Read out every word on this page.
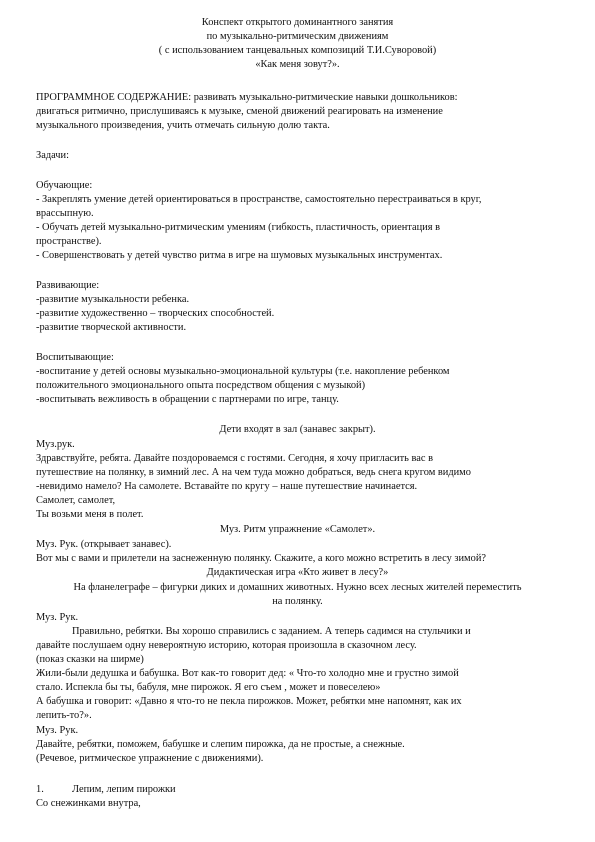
Конспект открытого доминантного занятия
по музыкально-ритмическим движениям
( с использованием танцевальных композиций Т.И.Суворовой)
«Как меня зовут?».
ПРОГРАММНОЕ СОДЕРЖАНИЕ: развивать музыкально-ритмические навыки дошкольников:
двигаться ритмично, прислушиваясь к музыке, сменой движений реагировать на изменение
музыкального произведения, учить отмечать сильную долю такта.
Задачи:
Обучающие:
- Закреплять умение детей ориентироваться в пространстве, самостоятельно перестраиваться в круг,
врассыпную.
- Обучать детей музыкально-ритмическим умениям (гибкость, пластичность, ориентация в
пространстве).
- Совершенствовать у детей чувство ритма в игре на шумовых музыкальных инструментах.
Развивающие:
-развитие музыкальности ребенка.
-развитие художественно – творческих способностей.
-развитие творческой активности.
Воспитывающие:
-воспитание у детей основы музыкально-эмоциональной культуры (т.е. накопление ребенком
положительного эмоционального опыта посредством общения с музыкой)
-воспитывать вежливость в обращении с партнерами по игре, танцу.
Дети входят в зал (занавес закрыт).
Муз.рук.
Здравствуйте, ребята. Давайте поздороваемся с гостями. Сегодня, я хочу пригласить вас в
путешествие на полянку, в зимний лес. А на чем туда можно добраться, ведь снега кругом видимо
-невидимо намело? На самолете. Вставайте по кругу – наше путешествие начинается.
Самолет, самолет,
Ты возьми меня в полет.
Муз. Ритм упражнение «Самолет».
Муз. Рук. (открывает занавес).
Вот мы с вами и прилетели на заснеженную полянку. Скажите, а кого можно встретить в лесу зимой?
Дидактическая игра «Кто живет в лесу?»
На фланелеграфе – фигурки диких и домашних животных. Нужно всех лесных жителей переместить
на полянку.
Муз. Рук.
Правильно, ребятки. Вы хорошо справились с заданием. А теперь садимся на стульчики и
давайте послушаем одну невероятную историю, которая произошла в сказочном лесу.
(показ сказки на ширме)
Жили-были дедушка и бабушка. Вот как-то говорит дед: « Что-то холодно мне и грустно зимой
стало. Испекла бы ты, бабуля, мне пирожок. Я его съем , может и повеселею»
А бабушка и говорит: «Давно я что-то не пекла пирожков. Может, ребятки мне напомнят, как их
лепить-то?».
Муз. Рук.
Давайте, ребятки, поможем, бабушке и слепим пирожка, да не простые, а снежные.
(Речевое, ритмическое упражнение с движениями).
1.	Лепим, лепим пирожки
Со снежинками внутра,
